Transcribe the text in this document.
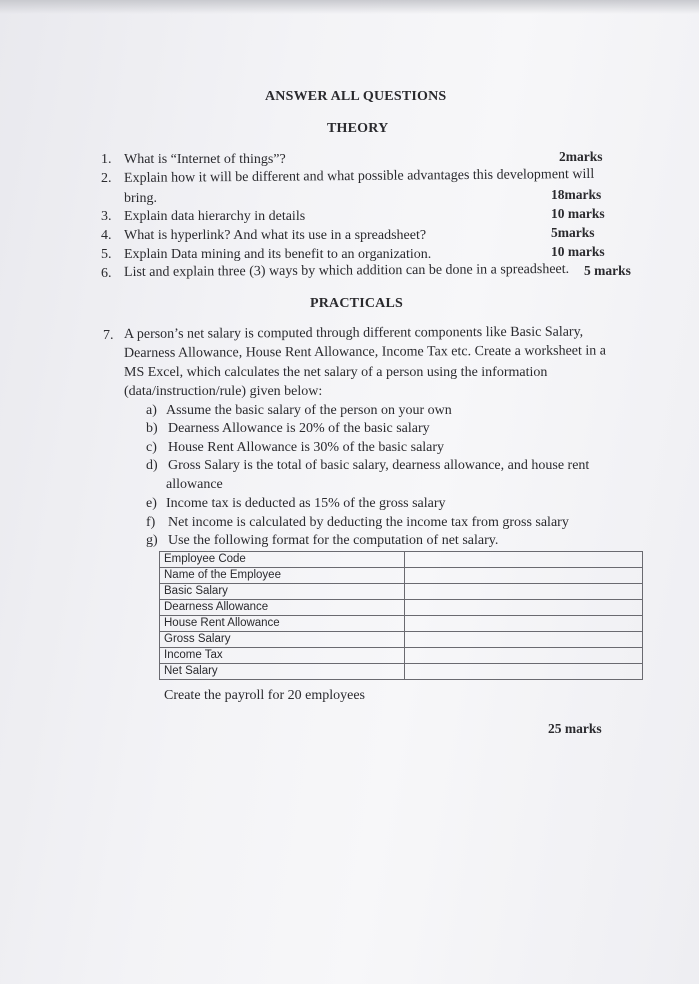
ANSWER ALL QUESTIONS
THEORY
1. What is “Internet of things”?	2marks
2. Explain how it will be different and what possible advantages this development will
bring.	18marks
3. Explain data hierarchy in details	10 marks
4. What is hyperlink? And what its use in a spreadsheet?	5marks
5. Explain Data mining and its benefit to an organization.	10 marks
6. List and explain three (3) ways by which addition can be done in a spreadsheet. 5 marks
PRACTICALS
7. A person’s net salary is computed through different components like Basic Salary,
Dearness Allowance, House Rent Allowance, Income Tax etc. Create a worksheet in a
MS Excel, which calculates the net salary of a person using the information
(data/instruction/rule) given below:
a) Assume the basic salary of the person on your own
b) Dearness Allowance is 20% of the basic salary
c) House Rent Allowance is 30% of the basic salary
d) Gross Salary is the total of basic salary, dearness allowance, and house rent
allowance
e) Income tax is deducted as 15% of the gross salary
f) Net income is calculated by deducting the income tax from gross salary
g) Use the following format for the computation of net salary.
Employee Code	
Name of the Employee	
Basic Salary	
Dearness Allowance	
House Rent Allowance	
Gross Salary	
Income Tax	
Net Salary	
Create the payroll for 20 employees
25 marks
